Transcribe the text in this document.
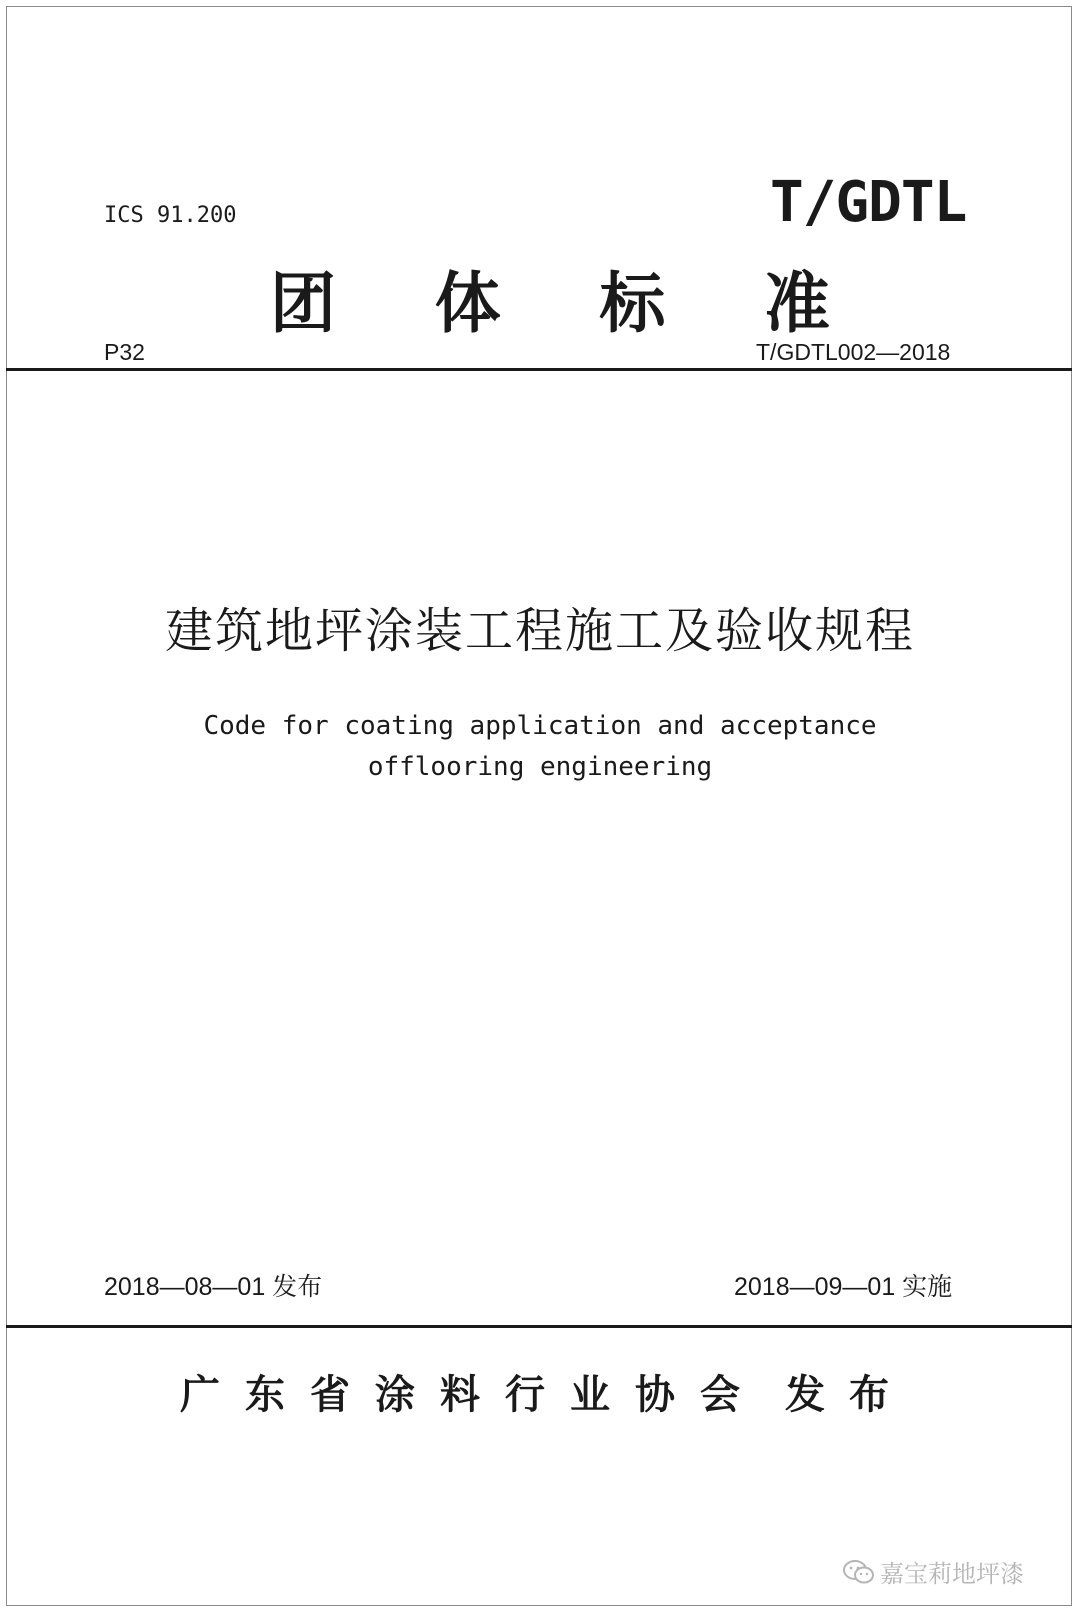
ICS 91.200	T/GDTL
团 体 标 准
P32	T/GDTL002—2018
建筑地坪涂装工程施工及验收规程
Code for coating application and acceptance
offlooring engineering
2018—08—01 发布	2018—09—01 实施
广 东 省 涂 料 行 业 协 会	发布
嘉宝莉地坪漆
